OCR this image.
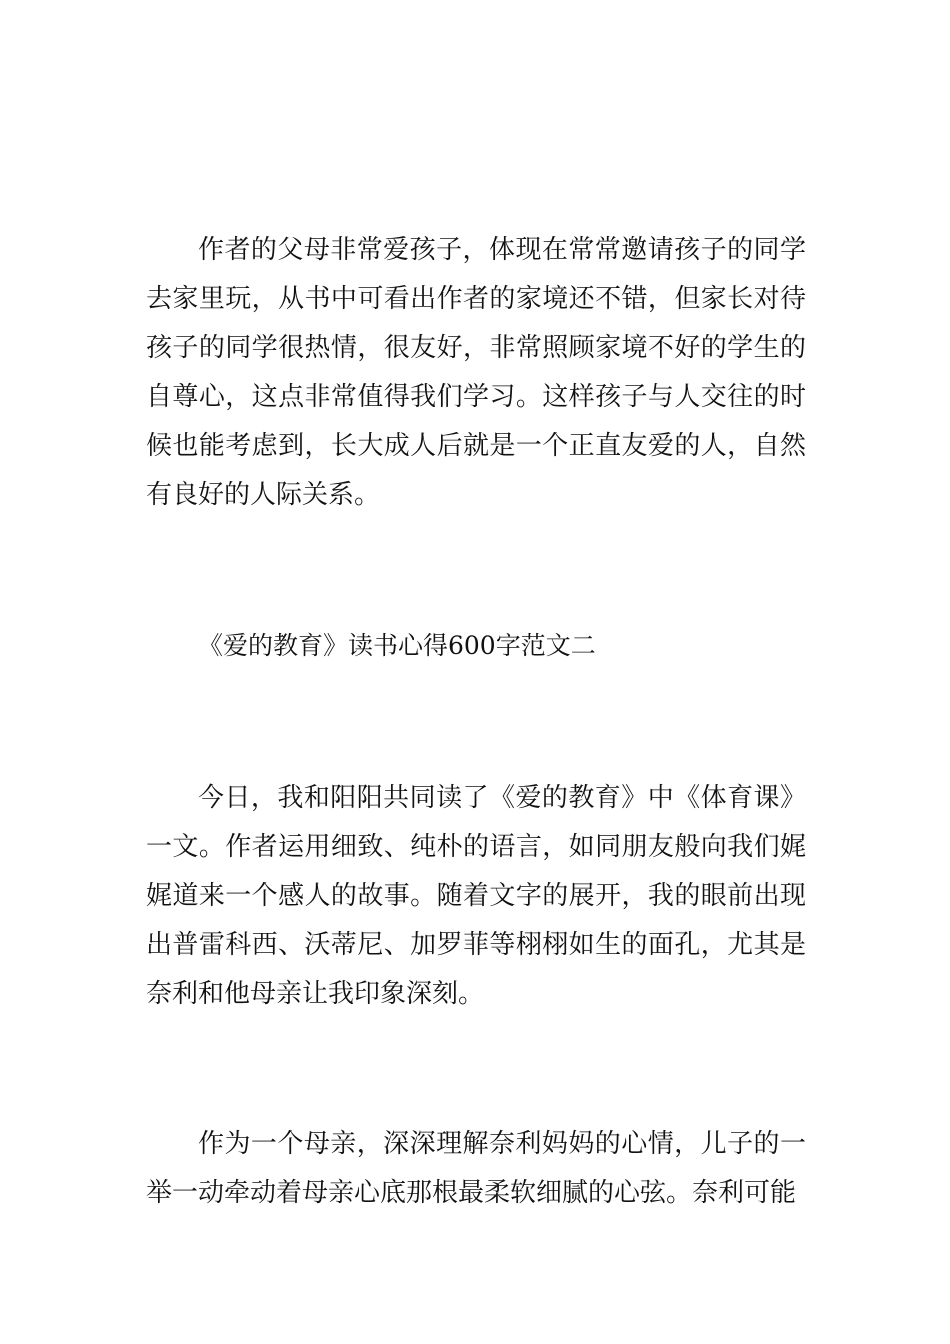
作者的父母非常爱孩子，体现在常常邀请孩子的同学去家里玩，从书中可看出作者的家境还不错，但家长对待孩子的同学很热情，很友好，非常照顾家境不好的学生的自尊心，这点非常值得我们学习。这样孩子与人交往的时候也能考虑到，长大成人后就是一个正直友爱的人，自然有良好的人际关系。

《爱的教育》读书心得600字范文二

今日，我和阳阳共同读了《爱的教育》中《体育课》一文。作者运用细致、纯朴的语言，如同朋友般向我们娓娓道来一个感人的故事。随着文字的展开，我的眼前出现出普雷科西、沃蒂尼、加罗菲等栩栩如生的面孔，尤其是奈利和他母亲让我印象深刻。

作为一个母亲，深深理解奈利妈妈的心情，儿子的一举一动牵动着母亲心底那根最柔软细腻的心弦。奈利可能
